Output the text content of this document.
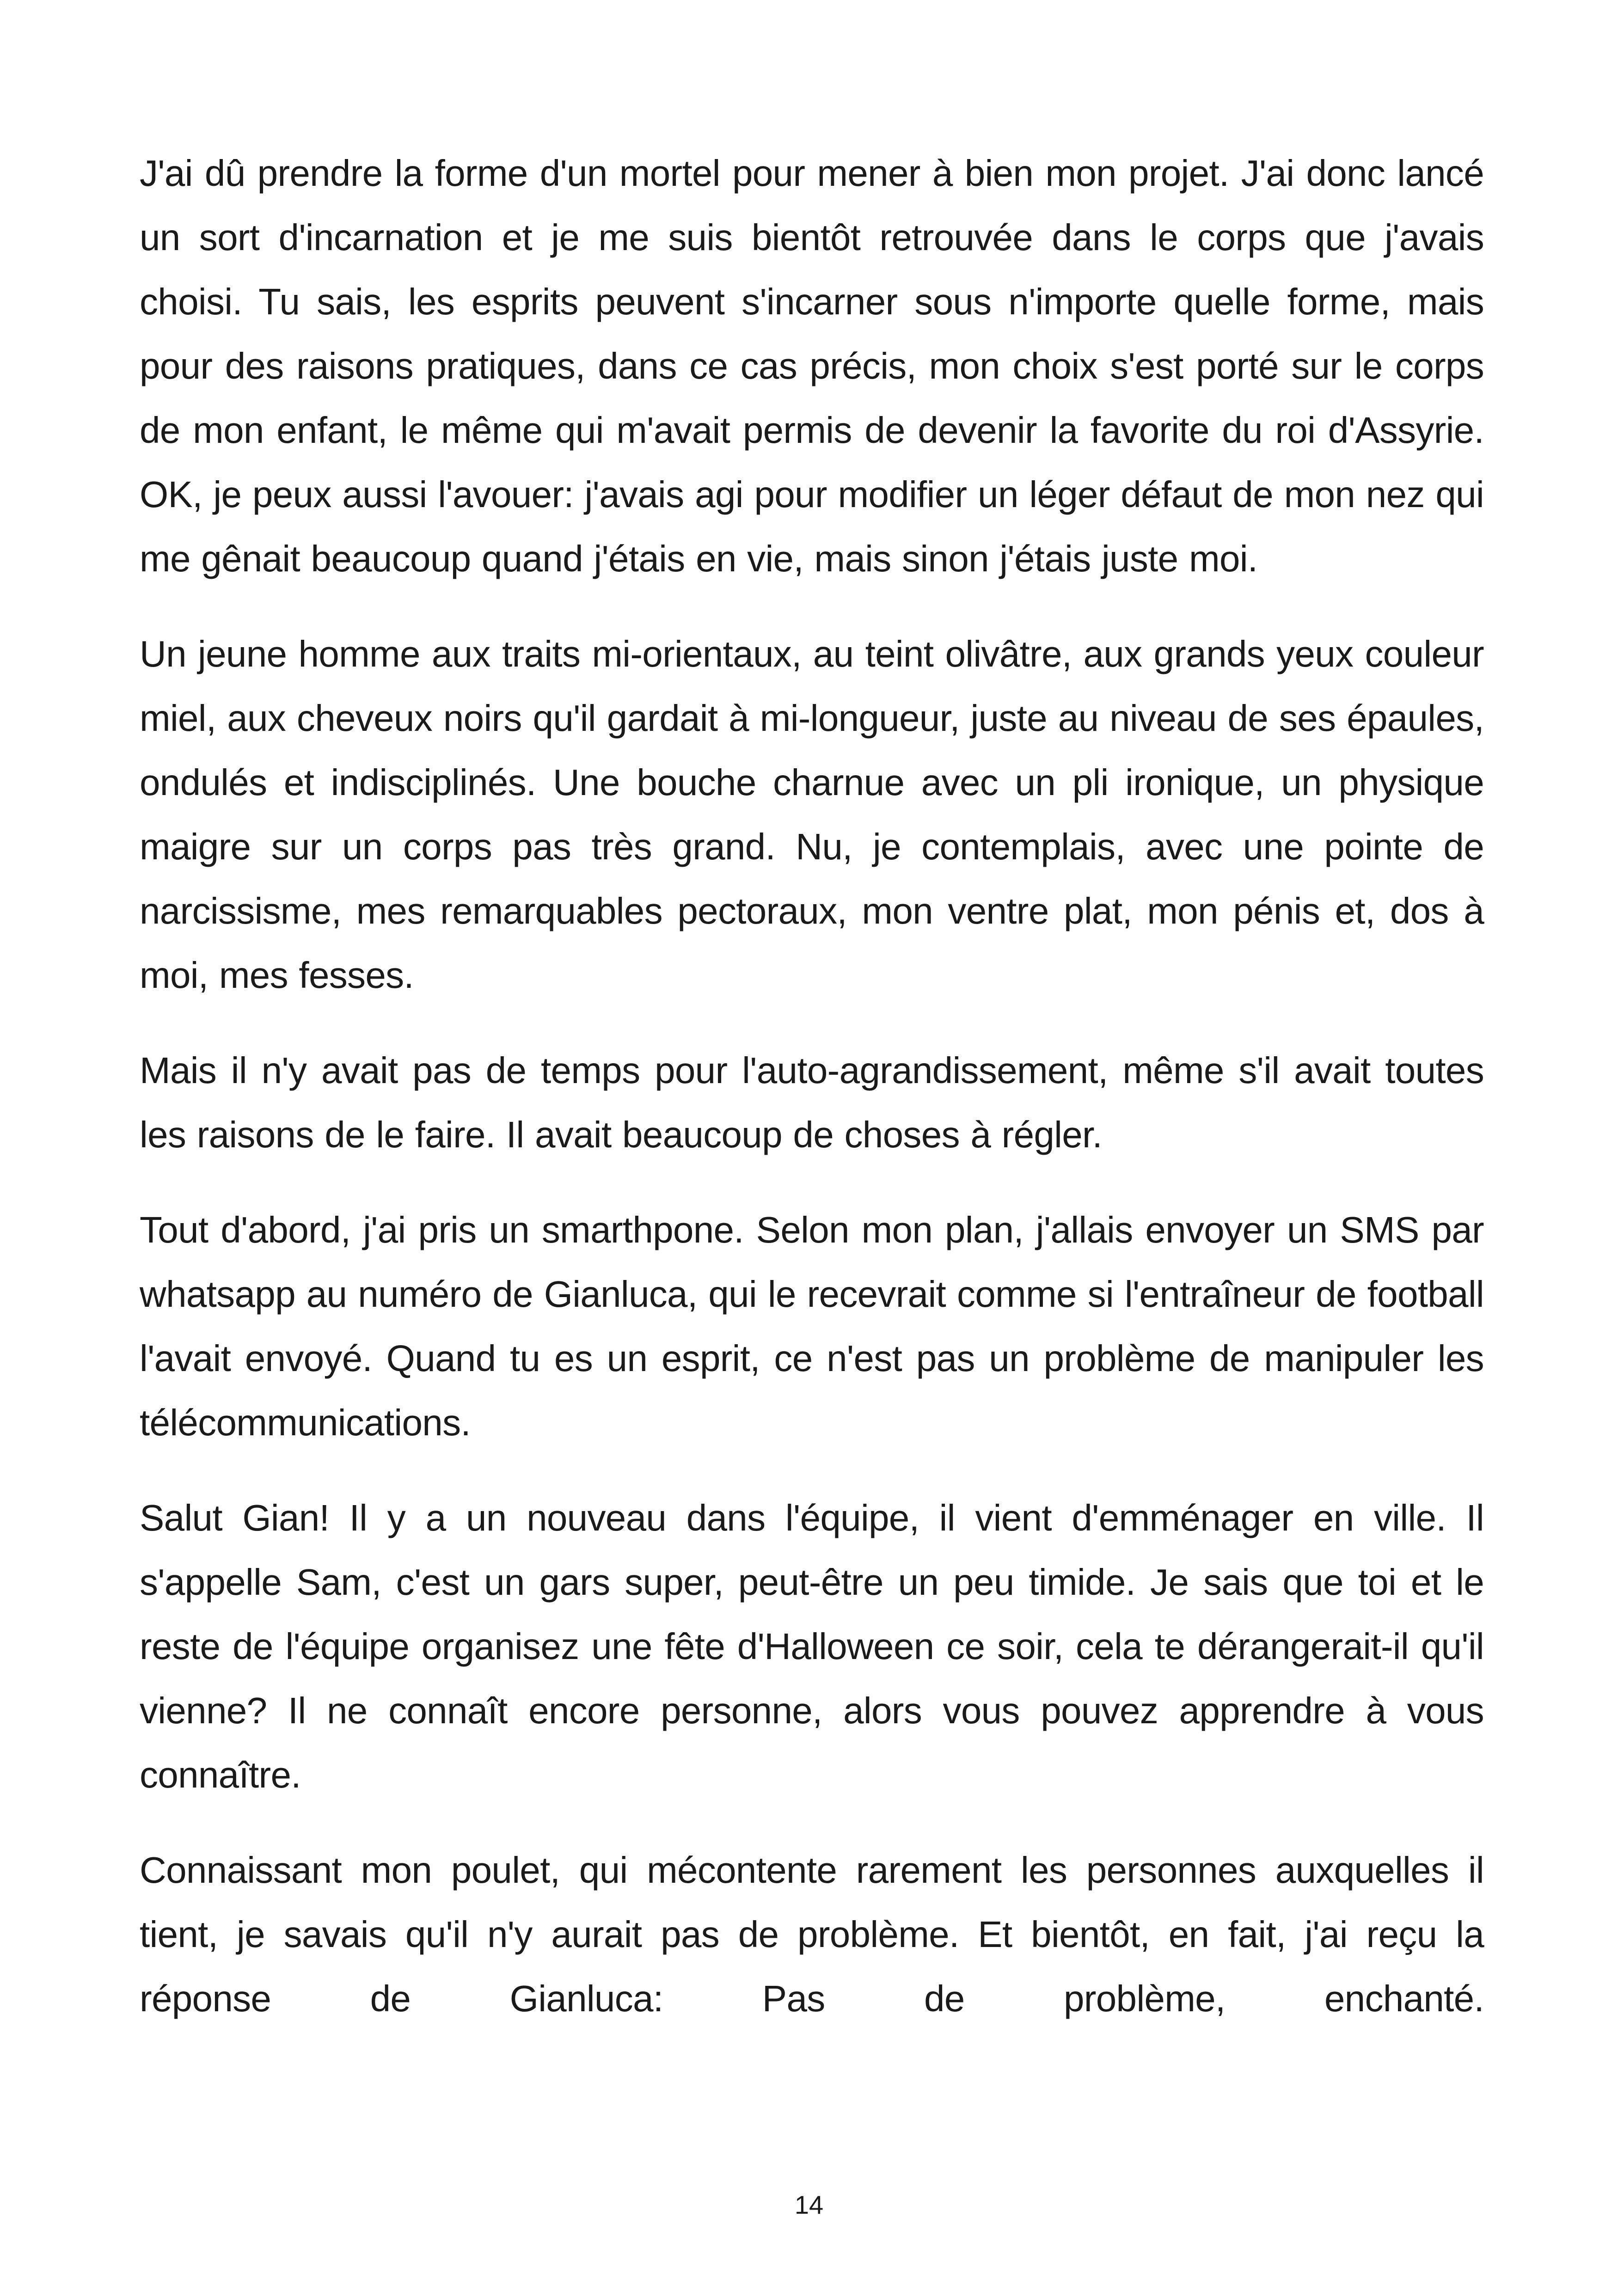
J'ai dû prendre la forme d'un mortel pour mener à bien mon projet. J'ai donc lancé un sort d'incarnation et je me suis bientôt retrouvée dans le corps que j'avais choisi. Tu sais, les esprits peuvent s'incarner sous n'importe quelle forme, mais pour des raisons pratiques, dans ce cas précis, mon choix s'est porté sur le corps de mon enfant, le même qui m'avait permis de devenir la favorite du roi d'Assyrie. OK, je peux aussi l'avouer: j'avais agi pour modifier un léger défaut de mon nez qui me gênait beaucoup quand j'étais en vie, mais sinon j'étais juste moi.

Un jeune homme aux traits mi-orientaux, au teint olivâtre, aux grands yeux couleur miel, aux cheveux noirs qu'il gardait à mi-longueur, juste au niveau de ses épaules, ondulés et indisciplinés. Une bouche charnue avec un pli ironique, un physique maigre sur un corps pas très grand. Nu, je contemplais, avec une pointe de narcissisme, mes remarquables pectoraux, mon ventre plat, mon pénis et, dos à moi, mes fesses.

Mais il n'y avait pas de temps pour l'auto-agrandissement, même s'il avait toutes les raisons de le faire. Il avait beaucoup de choses à régler.

Tout d'abord, j'ai pris un smarthpone. Selon mon plan, j'allais envoyer un SMS par whatsapp au numéro de Gianluca, qui le recevrait comme si l'entraîneur de football l'avait envoyé. Quand tu es un esprit, ce n'est pas un problème de manipuler les télécommunications.

Salut Gian! Il y a un nouveau dans l'équipe, il vient d'emménager en ville. Il s'appelle Sam, c'est un gars super, peut-être un peu timide. Je sais que toi et le reste de l'équipe organisez une fête d'Halloween ce soir, cela te dérangerait-il qu'il vienne? Il ne connaît encore personne, alors vous pouvez apprendre à vous connaître.

Connaissant mon poulet, qui mécontente rarement les personnes auxquelles il tient, je savais qu'il n'y aurait pas de problème. Et bientôt, en fait, j'ai reçu la réponse de Gianluca: Pas de problème, enchanté.

14
